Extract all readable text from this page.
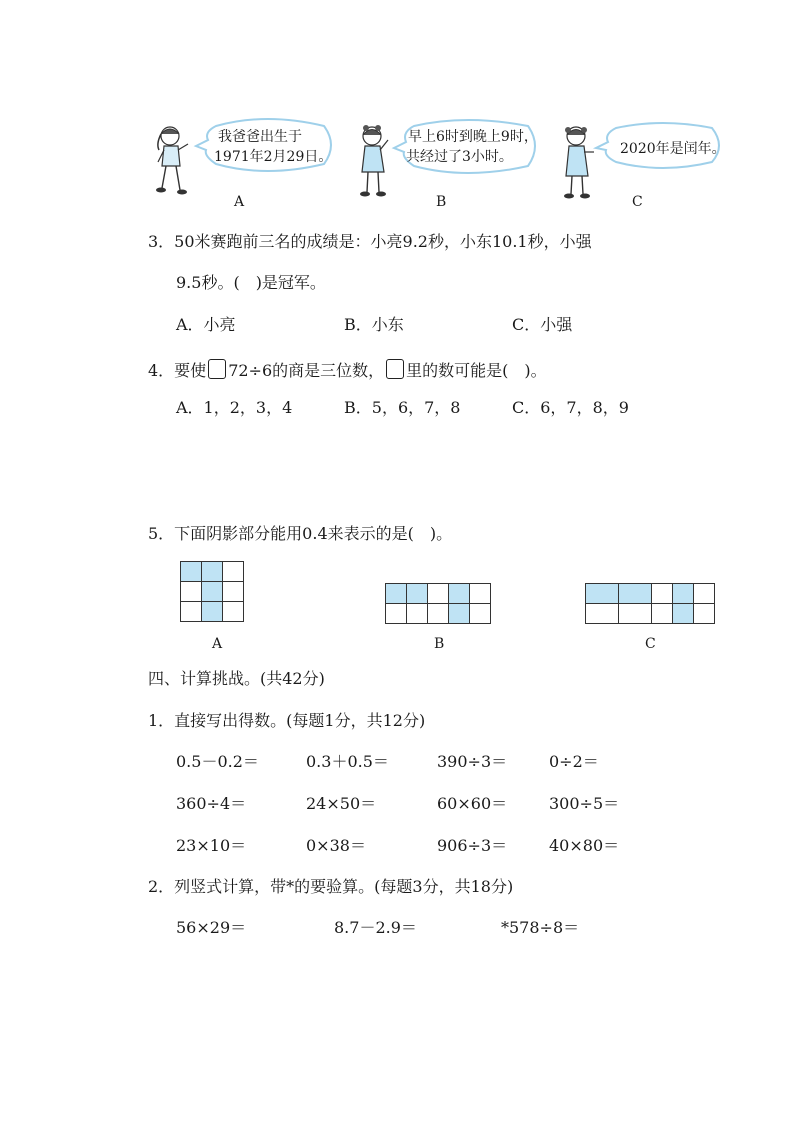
我爸爸出生于
1971年2月29日。
A
早上6时到晚上9时，
共经过了3小时。
B
2020年是闰年。
C
3．50米赛跑前三名的成绩是：小亮9.2秒，小东10.1秒，小强
9.5秒。(　)是冠军。
A．小亮	B．小东	C．小强
4．要使 72÷6的商是三位数， 里的数可能是(　)。
A．1，2，3，4	B．5，6，7，8	C．6，7，8，9
5．下面阴影部分能用0.4来表示的是(　)。

A

					B

					C
四、计算挑战。(共42分)
1．直接写出得数。(每题1分，共12分)
0.5－0.2＝	0.3＋0.5＝	390÷3＝	0÷2＝
360÷4＝	24×50＝	60×60＝	300÷5＝
23×10＝	0×38＝	906÷3＝	40×80＝
2．列竖式计算，带*的要验算。(每题3分，共18分)
56×29＝	8.7－2.9＝	*578÷8＝
